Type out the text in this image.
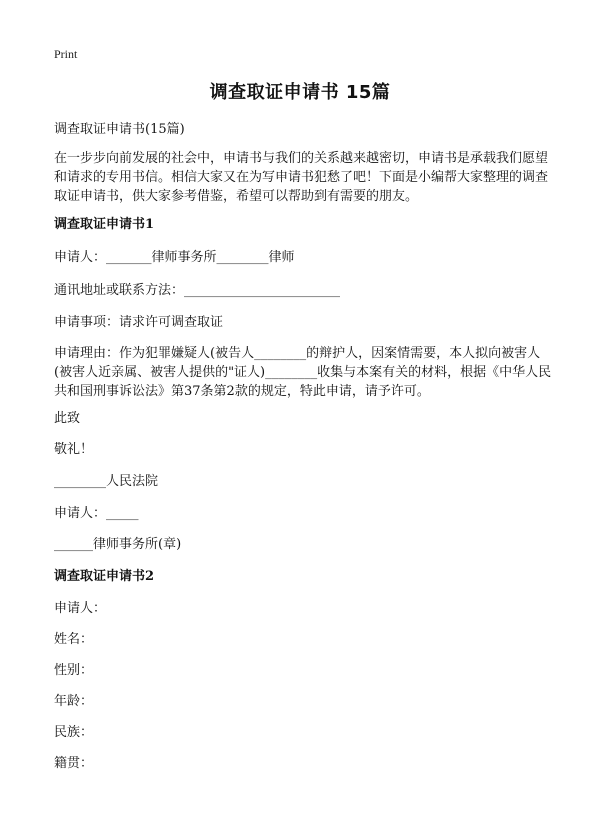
Print
调查取证申请书 15篇
调查取证申请书(15篇)
在一步步向前发展的社会中，申请书与我们的关系越来越密切，申请书是承载我们愿望和请求的专用书信。相信大家又在为写申请书犯愁了吧！下面是小编帮大家整理的调查取证申请书，供大家参考借鉴，希望可以帮助到有需要的朋友。
调查取证申请书1
申请人：_______律师事务所________律师
通讯地址或联系方法：________________________
申请事项：请求许可调查取证
申请理由：作为犯罪嫌疑人(被告人________的辩护人，因案情需要，本人拟向被害人(被害人近亲属、被害人提供的"证人)________收集与本案有关的材料，根据《中华人民共和国刑事诉讼法》第37条第2款的规定，特此申请，请予许可。
此致
敬礼！
________人民法院
申请人：_____
______律师事务所(章)
调查取证申请书2
申请人：
姓名：
性别：
年龄：
民族：
籍贯：
